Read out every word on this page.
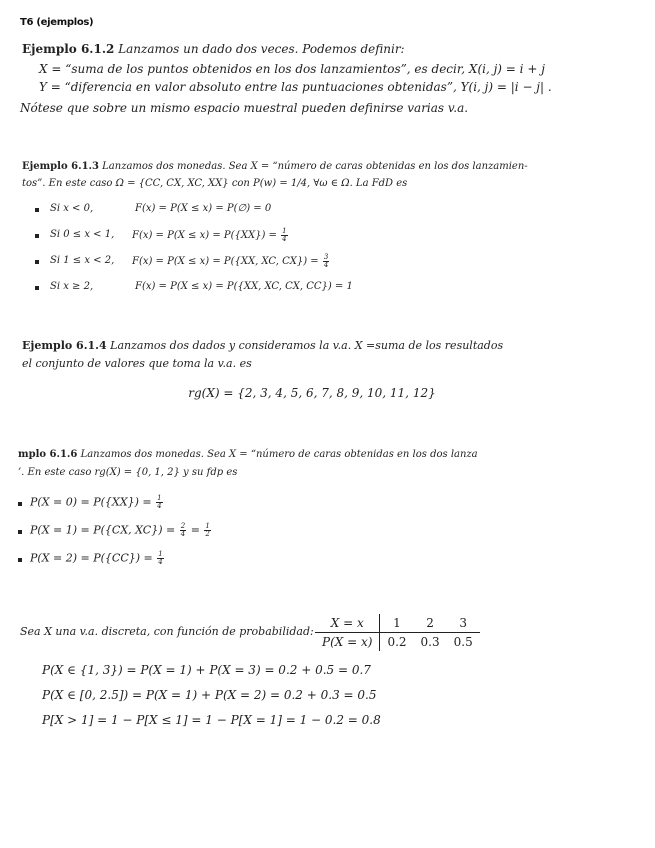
T6 (ejemplos)
Ejemplo 6.1.2 Lanzamos un dado dos veces. Podemos definir:
X = “suma de los puntos obtenidos en los dos lanzamientos”, es decir, X(i, j) = i + j
Y = “diferencia en valor absoluto entre las puntuaciones obtenidas”, Y(i, j) = |i − j| .
Nótese que sobre un mismo espacio muestral pueden definirse varias v.a.
Ejemplo 6.1.3 Lanzamos dos monedas. Sea X = “número de caras obtenidas en los dos lanzamien-
tos”. En este caso Ω = {CC, CX, XC, XX} con P(w) = 1/4, ∀ω ∈ Ω. La FdD es
Si x < 0,	F(x) = P(X ≤ x) = P(∅) = 0
Si 0 ≤ x < 1, $F(x) = P(X \le x) = P(\{XX\}) = \frac{1}{4}$
Si 1 ≤ x < 2, F(x) = P(X ≤ x) = P({XX, XC, $CX\}) = \frac{3}{4}$
Si x ≥ 2,	F(x) = P(X ≤ x) = P({XX, XC, CX, CC}) = 1
Ejemplo 6.1.4 Lanzamos dos dados y consideramos la v.a. X =suma de los resultados
el conjunto de valores que toma la v.a. es
rg(X) = {2, 3, 4, 5, 6, 7, 8, 9, 10, 11, 12}
mplo 6.1.6 Lanzamos dos monedas. Sea X = “número de caras obtenidas en los dos lanza
’. En este caso rg(X) = {0, 1, 2} y su fdp es
$P(X = 0) = P(\{XX\}) = \frac{1}{4}$
P(X = 1) = P({CX, $XC\}) = \frac{2}{4} = \frac{1}{2}$
$P(X = 2) = P(\{CC\}) = \frac{1}{4}$
Sea X una v.a. discreta, con función de probabilidad:
X = x	1	2	3
P(X = x)	0.2	0.3	0.5
P(X ∈ {1, 3}) = P(X = 1) + P(X = 3) = 0.2 + 0.5 = 0.7
P(X ∈ [0, 2.5]) = P(X = 1) + P(X = 2) = 0.2 + 0.3 = 0.5
P[X > 1] = 1 − P[X ≤ 1] = 1 − P[X = 1] = 1 − 0.2 = 0.8
